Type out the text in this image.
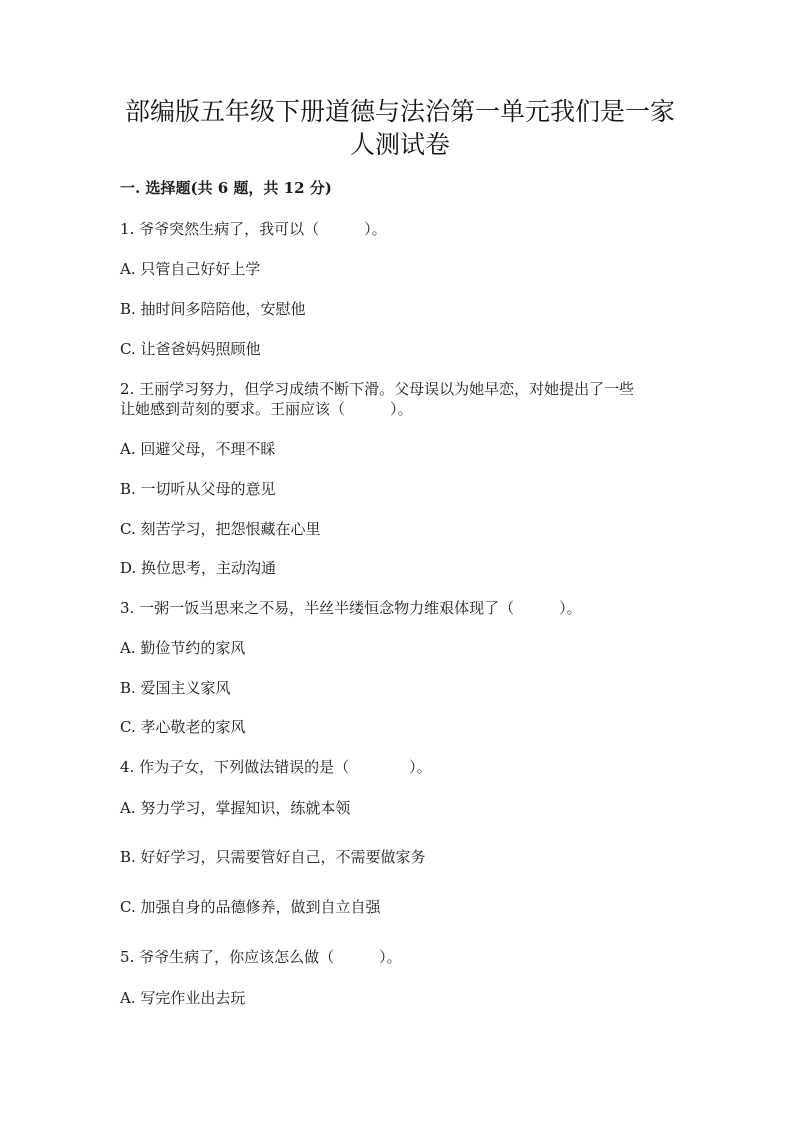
部编版五年级下册道德与法治第一单元我们是一家
人测试卷
一. 选择题(共 6 题，共 12 分)
1. 爷爷突然生病了，我可以（　　　）。
A. 只管自己好好上学
B. 抽时间多陪陪他，安慰他
C. 让爸爸妈妈照顾他
2. 王丽学习努力，但学习成绩不断下滑。父母误以为她早恋，对她提出了一些
让她感到苛刻的要求。王丽应该（　　　）。
A. 回避父母，不理不睬
B. 一切听从父母的意见
C. 刻苦学习，把怨恨藏在心里
D. 换位思考，主动沟通
3. 一粥一饭当思来之不易，半丝半缕恒念物力维艰体现了（　　　）。
A. 勤俭节约的家风
B. 爱国主义家风
C. 孝心敬老的家风
4. 作为子女，下列做法错误的是（　　　　）。
A. 努力学习，掌握知识，练就本领
B. 好好学习，只需要管好自己，不需要做家务
C. 加强自身的品德修养，做到自立自强
5. 爷爷生病了，你应该怎么做（　　　）。
A. 写完作业出去玩
